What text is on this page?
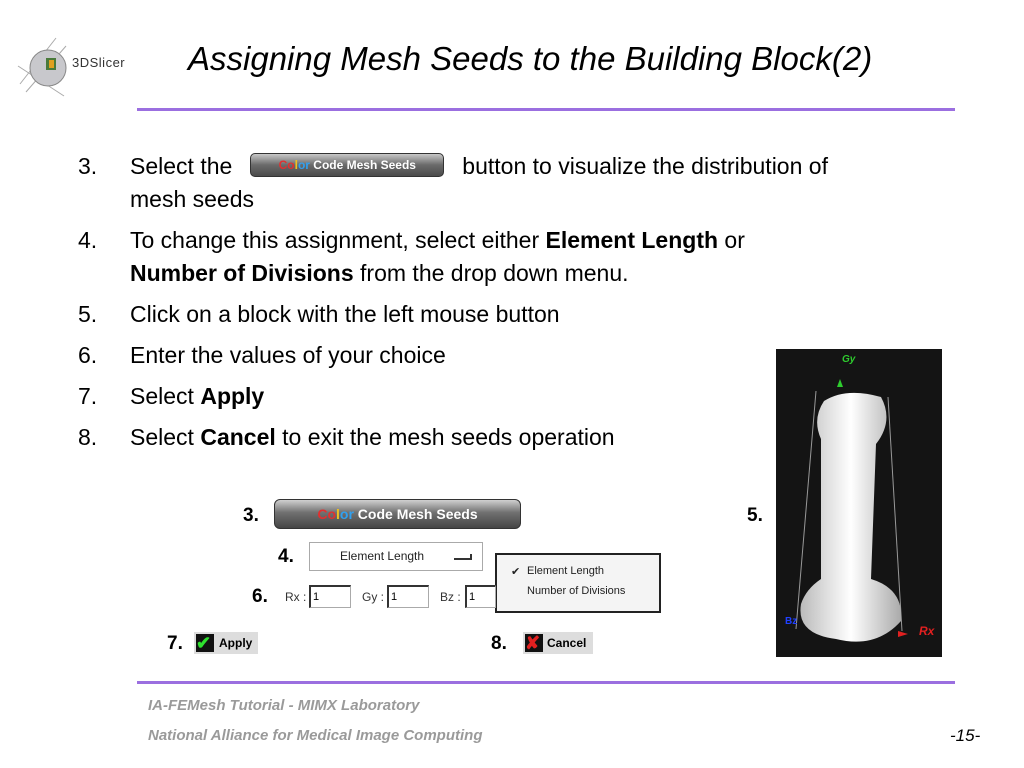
3DSlicer Assigning Mesh Seeds to the Building Block(2)
3. Select the	Color Code Mesh Seeds button to visualize the distribution of
mesh seeds
4. To change this assignment, select either Element Length or
Number of Divisions from the drop down menu.
5. Click on a block with the left mouse button
6. Enter the values of your choice
7. Select Apply
8. Select Cancel to exit the mesh seeds operation
3.
4.
6.
7.	8.
5.
Color Code Mesh Seeds
Element Length
✔ Element Length
Number of Divisions
Rx : 1	Gy : 1	Bz : 1
✔ Apply	✘ Cancel
Gy
Rx
Bz
IA-FEMesh Tutorial - MIMX Laboratory
National Alliance for Medical Image Computing	-15-
